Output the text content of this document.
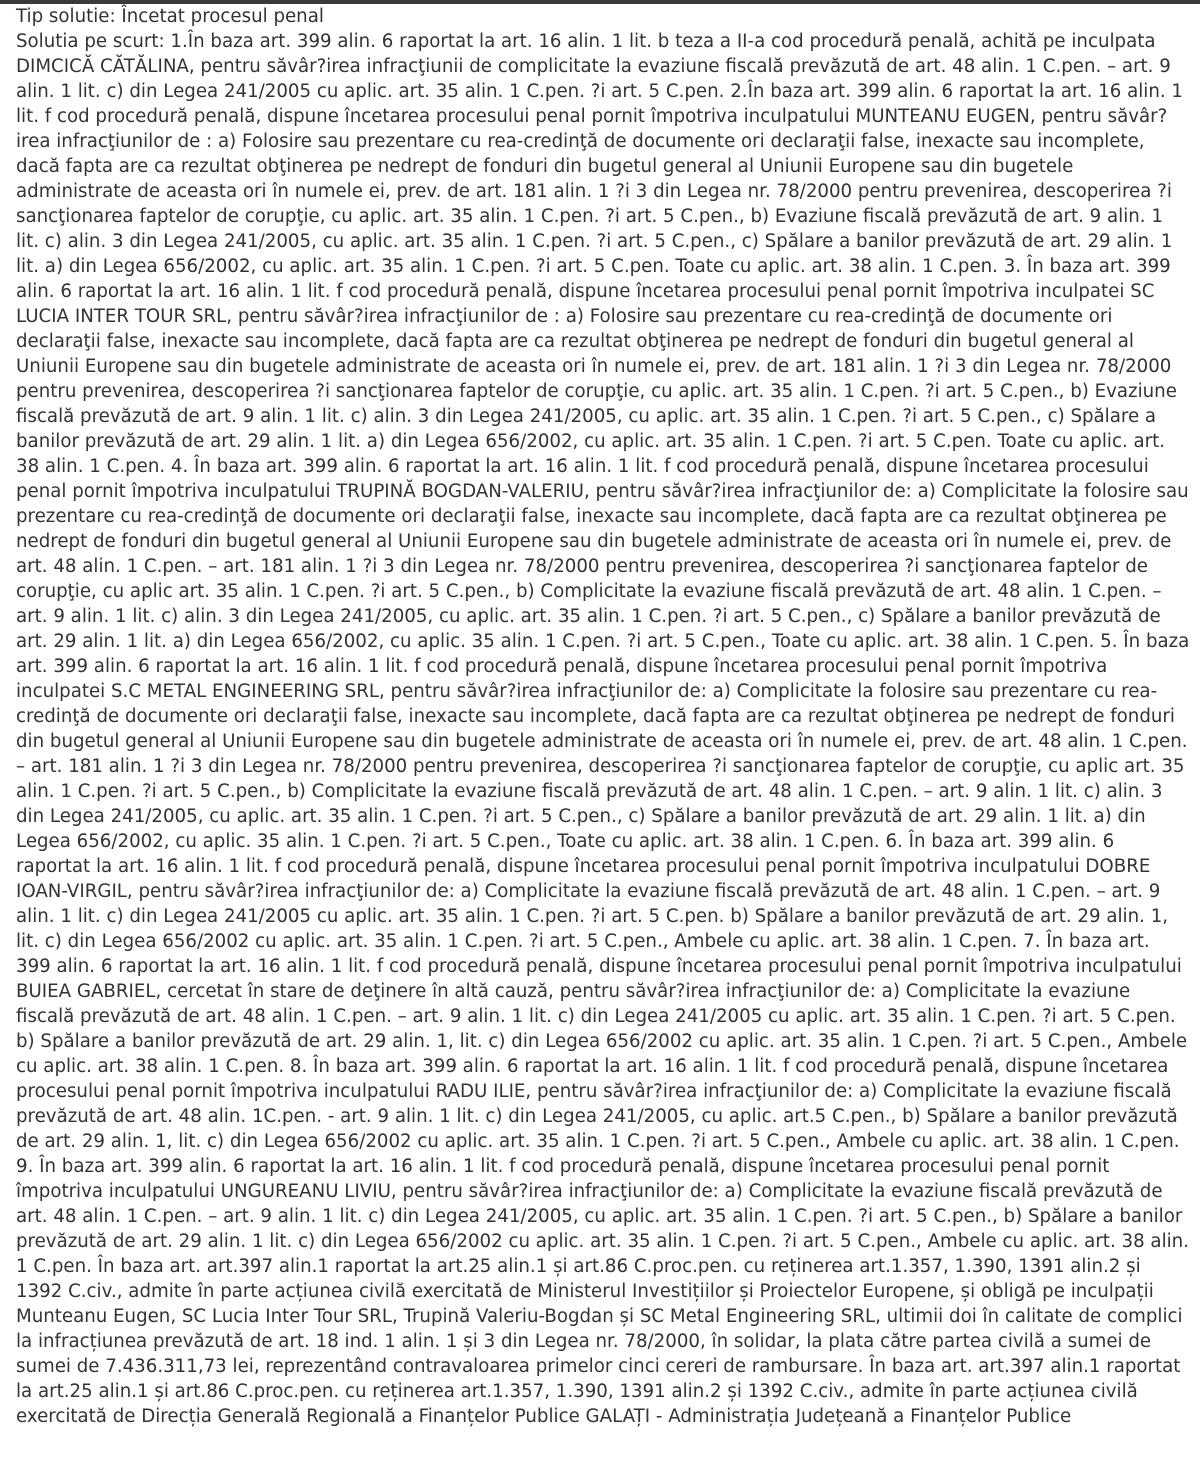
Tip solutie: Încetat procesul penal

Solutia pe scurt: 1.În baza art. 399 alin. 6 raportat la art. 16 alin. 1 lit. b teza a II-a cod procedură penală, achită pe inculpata DIMCICĂ CĂTĂLINA, pentru săvâr?irea infracţiunii de complicitate la evaziune fiscală prevăzută de art. 48 alin. 1 C.pen. – art. 9 alin. 1 lit. c) din Legea 241/2005 cu aplic. art. 35 alin. 1 C.pen. ?i art. 5 C.pen. 2.În baza art. 399 alin. 6 raportat la art. 16 alin. 1 lit. f cod procedură penală, dispune încetarea procesului penal pornit împotriva inculpatului MUNTEANU EUGEN, pentru săvâr?irea infracţiunilor de : a) Folosire sau prezentare cu rea-credinţă de documente ori declaraţii false, inexacte sau incomplete, dacă fapta are ca rezultat obţinerea pe nedrept de fonduri din bugetul general al Uniunii Europene sau din bugetele administrate de aceasta ori în numele ei, prev. de art. 181 alin. 1 ?i 3 din Legea nr. 78/2000 pentru prevenirea, descoperirea ?i sancţionarea faptelor de corupţie, cu aplic. art. 35 alin. 1 C.pen. ?i art. 5 C.pen., b) Evaziune fiscală prevăzută de art. 9 alin. 1 lit. c) alin. 3 din Legea 241/2005, cu aplic. art. 35 alin. 1 C.pen. ?i art. 5 C.pen., c) Spălare a banilor prevăzută de art. 29 alin. 1 lit. a) din Legea 656/2002, cu aplic. art. 35 alin. 1 C.pen. ?i art. 5 C.pen. Toate cu aplic. art. 38 alin. 1 C.pen. 3. În baza art. 399 alin. 6 raportat la art. 16 alin. 1 lit. f cod procedură penală, dispune încetarea procesului penal pornit împotriva inculpatei SC LUCIA INTER TOUR SRL, pentru săvâr?irea infracţiunilor de : a) Folosire sau prezentare cu rea-credinţă de documente ori declaraţii false, inexacte sau incomplete, dacă fapta are ca rezultat obţinerea pe nedrept de fonduri din bugetul general al Uniunii Europene sau din bugetele administrate de aceasta ori în numele ei, prev. de art. 181 alin. 1 ?i 3 din Legea nr. 78/2000 pentru prevenirea, descoperirea ?i sancţionarea faptelor de corupţie, cu aplic. art. 35 alin. 1 C.pen. ?i art. 5 C.pen., b) Evaziune fiscală prevăzută de art. 9 alin. 1 lit. c) alin. 3 din Legea 241/2005, cu aplic. art. 35 alin. 1 C.pen. ?i art. 5 C.pen., c) Spălare a banilor prevăzută de art. 29 alin. 1 lit. a) din Legea 656/2002, cu aplic. art. 35 alin. 1 C.pen. ?i art. 5 C.pen. Toate cu aplic. art. 38 alin. 1 C.pen. 4. În baza art. 399 alin. 6 raportat la art. 16 alin. 1 lit. f cod procedură penală, dispune încetarea procesului penal pornit împotriva inculpatului TRUPINĂ BOGDAN-VALERIU, pentru săvâr?irea infracţiunilor de: a) Complicitate la folosire sau prezentare cu rea-credinţă de documente ori declaraţii false, inexacte sau incomplete, dacă fapta are ca rezultat obţinerea pe nedrept de fonduri din bugetul general al Uniunii Europene sau din bugetele administrate de aceasta ori în numele ei, prev. de art. 48 alin. 1 C.pen. – art. 181 alin. 1 ?i 3 din Legea nr. 78/2000 pentru prevenirea, descoperirea ?i sancţionarea faptelor de corupţie, cu aplic art. 35 alin. 1 C.pen. ?i art. 5 C.pen., b) Complicitate la evaziune fiscală prevăzută de art. 48 alin. 1 C.pen. – art. 9 alin. 1 lit. c) alin. 3 din Legea 241/2005, cu aplic. art. 35 alin. 1 C.pen. ?i art. 5 C.pen., c) Spălare a banilor prevăzută de art. 29 alin. 1 lit. a) din Legea 656/2002, cu aplic. 35 alin. 1 C.pen. ?i art. 5 C.pen., Toate cu aplic. art. 38 alin. 1 C.pen. 5. În baza art. 399 alin. 6 raportat la art. 16 alin. 1 lit. f cod procedură penală, dispune încetarea procesului penal pornit împotriva inculpatei S.C METAL ENGINEERING SRL, pentru săvâr?irea infracţiunilor de: a) Complicitate la folosire sau prezentare cu rea-credinţă de documente ori declaraţii false, inexacte sau incomplete, dacă fapta are ca rezultat obţinerea pe nedrept de fonduri din bugetul general al Uniunii Europene sau din bugetele administrate de aceasta ori în numele ei, prev. de art. 48 alin. 1 C.pen. – art. 181 alin. 1 ?i 3 din Legea nr. 78/2000 pentru prevenirea, descoperirea ?i sancţionarea faptelor de corupţie, cu aplic art. 35 alin. 1 C.pen. ?i art. 5 C.pen., b) Complicitate la evaziune fiscală prevăzută de art. 48 alin. 1 C.pen. – art. 9 alin. 1 lit. c) alin. 3 din Legea 241/2005, cu aplic. art. 35 alin. 1 C.pen. ?i art. 5 C.pen., c) Spălare a banilor prevăzută de art. 29 alin. 1 lit. a) din Legea 656/2002, cu aplic. 35 alin. 1 C.pen. ?i art. 5 C.pen., Toate cu aplic. art. 38 alin. 1 C.pen. 6. În baza art. 399 alin. 6 raportat la art. 16 alin. 1 lit. f cod procedură penală, dispune încetarea procesului penal pornit împotriva inculpatului DOBRE IOAN-VIRGIL, pentru săvâr?irea infracţiunilor de: a) Complicitate la evaziune fiscală prevăzută de art. 48 alin. 1 C.pen. – art. 9 alin. 1 lit. c) din Legea 241/2005 cu aplic. art. 35 alin. 1 C.pen. ?i art. 5 C.pen. b) Spălare a banilor prevăzută de art. 29 alin. 1, lit. c) din Legea 656/2002 cu aplic. art. 35 alin. 1 C.pen. ?i art. 5 C.pen., Ambele cu aplic. art. 38 alin. 1 C.pen. 7. În baza art. 399 alin. 6 raportat la art. 16 alin. 1 lit. f cod procedură penală, dispune încetarea procesului penal pornit împotriva inculpatului BUIEA GABRIEL, cercetat în stare de deţinere în altă cauză, pentru săvâr?irea infracţiunilor de: a) Complicitate la evaziune fiscală prevăzută de art. 48 alin. 1 C.pen. – art. 9 alin. 1 lit. c) din Legea 241/2005 cu aplic. art. 35 alin. 1 C.pen. ?i art. 5 C.pen. b) Spălare a banilor prevăzută de art. 29 alin. 1, lit. c) din Legea 656/2002 cu aplic. art. 35 alin. 1 C.pen. ?i art. 5 C.pen., Ambele cu aplic. art. 38 alin. 1 C.pen. 8. În baza art. 399 alin. 6 raportat la art. 16 alin. 1 lit. f cod procedură penală, dispune încetarea procesului penal pornit împotriva inculpatului RADU ILIE, pentru săvâr?irea infracţiunilor de: a) Complicitate la evaziune fiscală prevăzută de art. 48 alin. 1C.pen. - art. 9 alin. 1 lit. c) din Legea 241/2005, cu aplic. art.5 C.pen., b) Spălare a banilor prevăzută de art. 29 alin. 1, lit. c) din Legea 656/2002 cu aplic. art. 35 alin. 1 C.pen. ?i art. 5 C.pen., Ambele cu aplic. art. 38 alin. 1 C.pen. 9. În baza art. 399 alin. 6 raportat la art. 16 alin. 1 lit. f cod procedură penală, dispune încetarea procesului penal pornit împotriva inculpatului UNGUREANU LIVIU, pentru săvâr?irea infracţiunilor de: a) Complicitate la evaziune fiscală prevăzută de art. 48 alin. 1 C.pen. – art. 9 alin. 1 lit. c) din Legea 241/2005, cu aplic. art. 35 alin. 1 C.pen. ?i art. 5 C.pen., b) Spălare a banilor prevăzută de art. 29 alin. 1 lit. c) din Legea 656/2002 cu aplic. art. 35 alin. 1 C.pen. ?i art. 5 C.pen., Ambele cu aplic. art. 38 alin. 1 C.pen. În baza art. art.397 alin.1 raportat la art.25 alin.1 și art.86 C.proc.pen. cu reținerea art.1.357, 1.390, 1391 alin.2 și 1392 C.civ., admite în parte acțiunea civilă exercitată de Ministerul Investițiilor și Proiectelor Europene, și obligă pe inculpații Munteanu Eugen, SC Lucia Inter Tour SRL, Trupină Valeriu-Bogdan și SC Metal Engineering SRL, ultimii doi în calitate de complici la infracțiunea prevăzută de art. 18 ind. 1 alin. 1 și 3 din Legea nr. 78/2000, în solidar, la plata către partea civilă a sumei de sumei de 7.436.311,73 lei, reprezentând contravaloarea primelor cinci cereri de rambursare. În baza art. art.397 alin.1 raportat la art.25 alin.1 și art.86 C.proc.pen. cu reținerea art.1.357, 1.390, 1391 alin.2 și 1392 C.civ., admite în parte acțiunea civilă exercitată de Direcția Generală Regională a Finanțelor Publice GALAȚI - Administrația Județeană a Finanțelor Publice
